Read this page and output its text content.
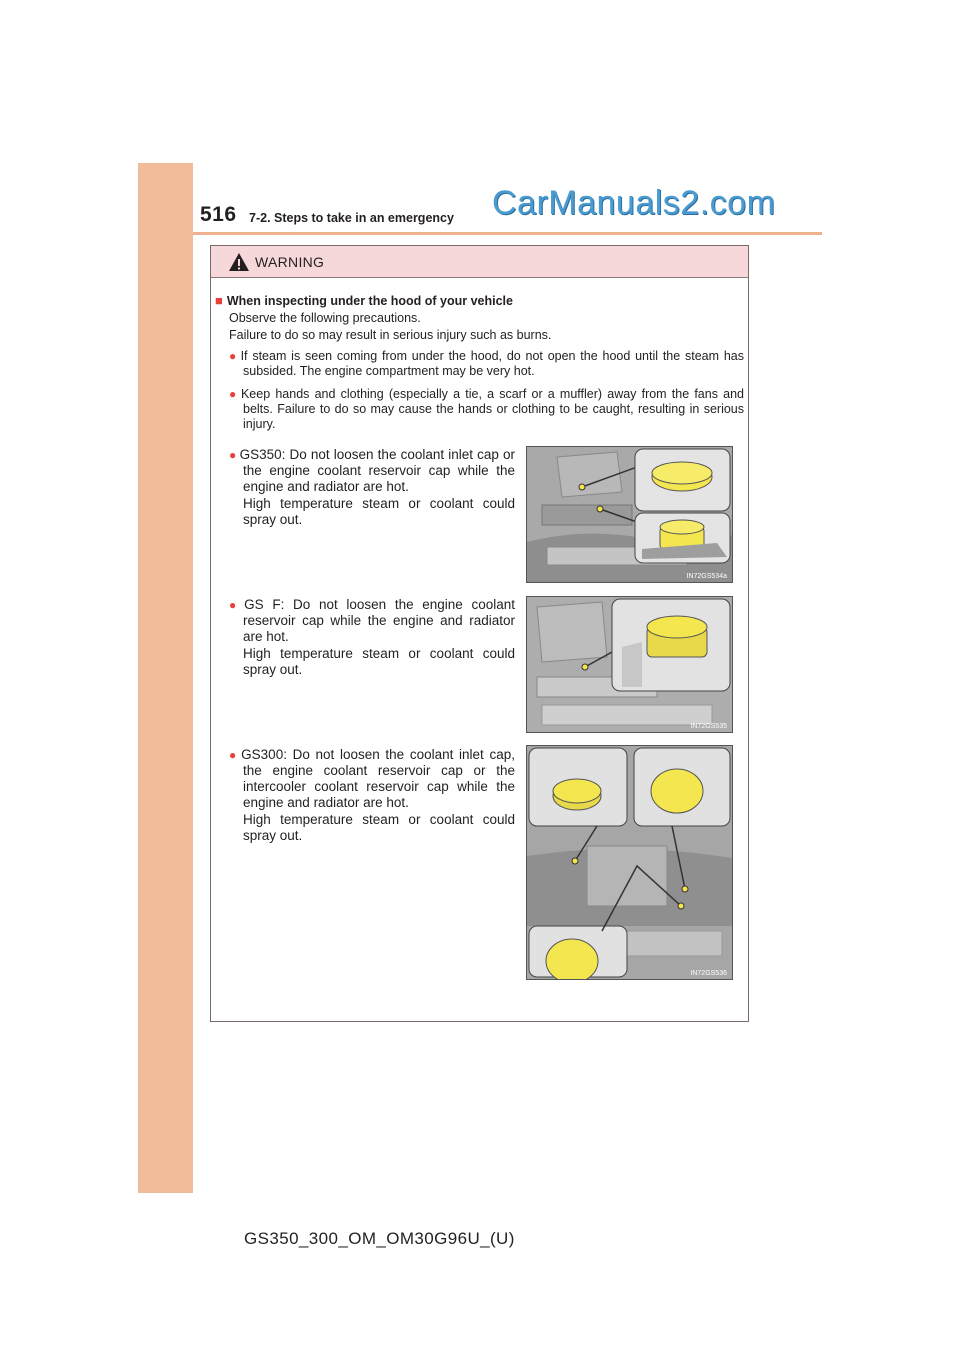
516 7-2. Steps to take in an emergency CarManuals2.com
WARNING
■ When inspecting under the hood of your vehicle
Observe the following precautions.
Failure to do so may result in serious injury such as burns.
● If steam is seen coming from under the hood, do not open the hood until the steam has subsided. The engine compartment may be very hot.
● Keep hands and clothing (especially a tie, a scarf or a muffler) away from the fans and belts. Failure to do so may cause the hands or clothing to be caught, resulting in serious injury.
● GS350: Do not loosen the coolant inlet cap or the engine coolant reservoir cap while the engine and radiator are hot.
High temperature steam or coolant could spray out.
IN72GS534a
● GS F: Do not loosen the engine coolant reservoir cap while the engine and radiator are hot.
High temperature steam or coolant could spray out.
IN72GS535
● GS300: Do not loosen the coolant inlet cap, the engine coolant reservoir cap or the intercooler coolant reservoir cap while the engine and radiator are hot.
High temperature steam or coolant could spray out.
IN72GS536
GS350_300_OM_OM30G96U_(U)
